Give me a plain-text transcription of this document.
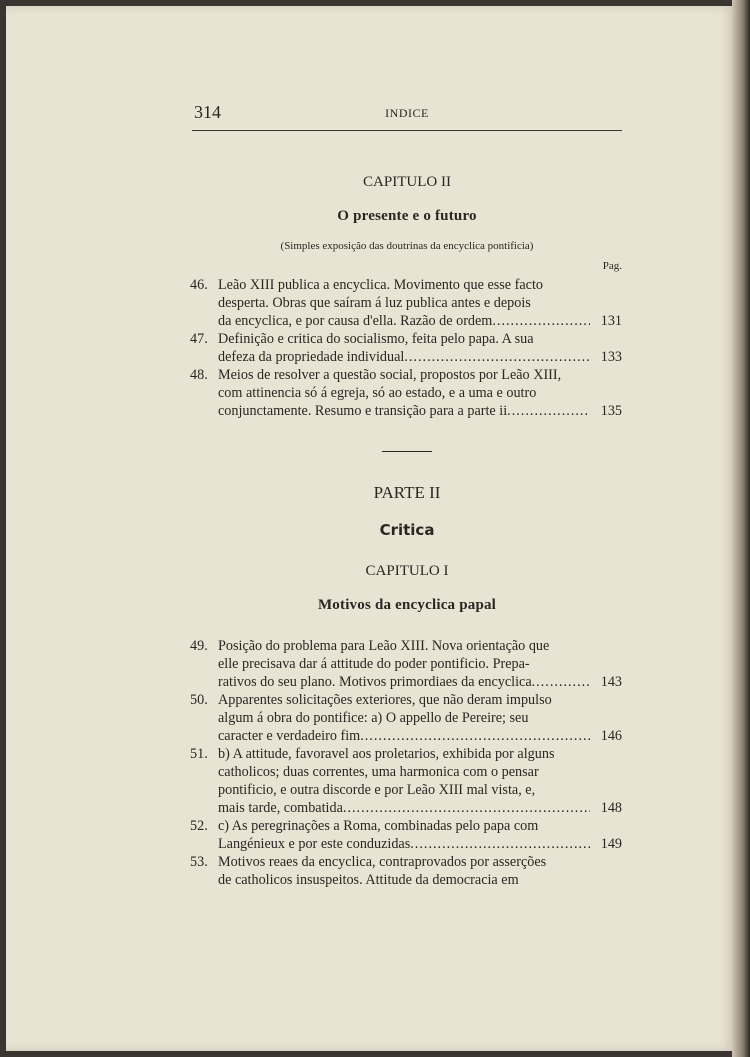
314	INDICE
CAPITULO II
O presente e o futuro
(Simples exposição das doutrinas da encyclica pontificia)
Pag.
46. Leão XIII publica a encyclica. Movimento que esse facto
desperta. Obras que saíram á luz publica antes e depois
da encyclica, e por causa d'ella. Razão de ordem .....	131
47. Definição e critica do socialismo, feita pelo papa. A sua
defeza da propriedade individual .....	133
48. Meios de resolver a questão social, propostos por Leão XIII,
com attinencia só á egreja, só ao estado, e a uma e outro
conjunctamente. Resumo e transição para a parte ii .....	135
PARTE II
Critica
CAPITULO I
Motivos da encyclica papal
49. Posição do problema para Leão XIII. Nova orientação que
elle precisava dar á attitude do poder pontificio. Prepa-
rativos do seu plano. Motivos primordiaes da encyclica .....	143
50. Apparentes solicitações exteriores, que não deram impulso
algum á obra do pontifice: a) O appello de Pereire; seu
caracter e verdadeiro fim .....	146
51. b) A attitude, favoravel aos proletarios, exhibida por alguns
catholicos; duas correntes, uma harmonica com o pensar
pontificio, e outra discorde e por Leão XIII mal vista, e,
mais tarde, combatida .....	148
52. c) As peregrinações a Roma, combinadas pelo papa com
Langénieux e por este conduzidas .....	149
53. Motivos reaes da encyclica, contraprovados por asserções
de catholicos insuspeitos. Attitude da democracia em
